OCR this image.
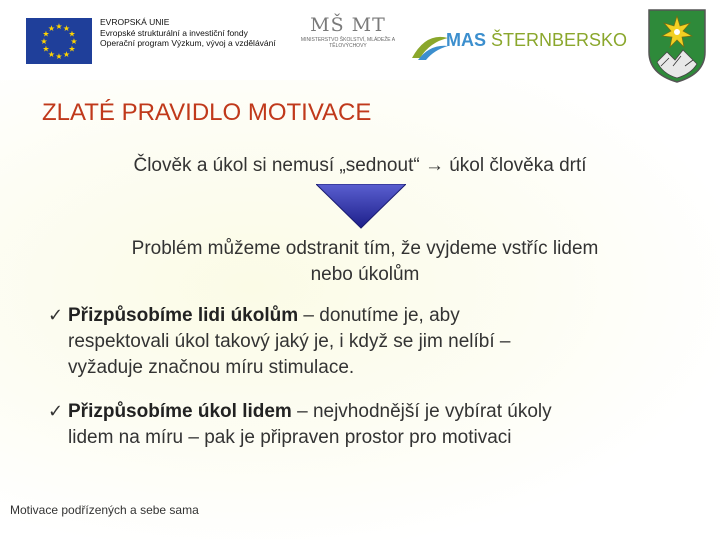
★ ★
★
★
★
★
★
★
★
★
★
★
EVROPSKÁ UNIE
Evropské strukturální a investiční fondy
Operační program Výzkum, vývoj a vzdělávání
MŠ MT
MINISTERSTVO ŠKOLSTVÍ, MLÁDEŽE A TĚLOVÝCHOVY	MAS ŠTERNBERSKO
ZLATÉ PRAVIDLO MOTIVACE
Člověk a úkol si nemusí „sednout“ → úkol člověka drtí
Problém můžeme odstranit tím, že vyjdeme vstříc lidem
nebo úkolům
✓ Přizpůsobíme lidi úkolům – donutíme je, aby
respektovali úkol takový jaký je, i když se jim nelíbí –
vyžaduje značnou míru stimulace.
✓ Přizpůsobíme úkol lidem – nejvhodnější je vybírat úkoly
lidem na míru – pak je připraven prostor pro motivaci
Motivace podřízených a sebe sama
